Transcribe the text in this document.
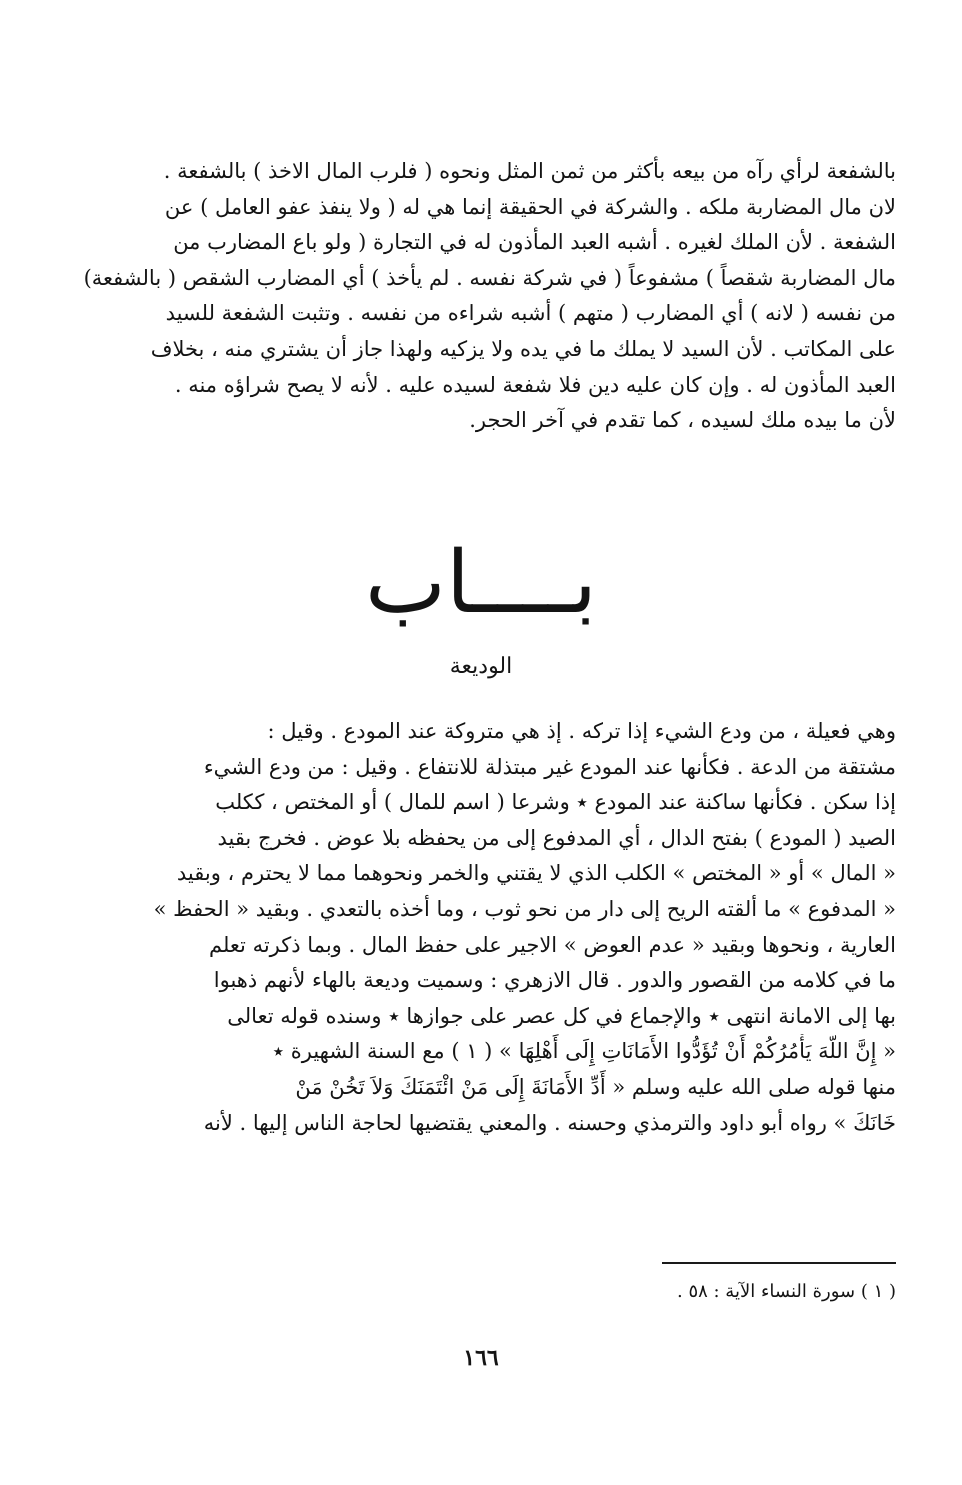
بالشفعة لرأي رآه من بيعه بأكثر من ثمن المثل ونحوه ( فلرب المال الاخذ ) بالشفعة .
لان مال المضاربة ملكه . والشركة في الحقيقة إنما هي له ( ولا ينفذ عفو العامل ) عن
الشفعة . لأن الملك لغيره . أشبه العبد المأذون له في التجارة ( ولو باع المضارب من
مال المضاربة شقصاً ) مشفوعاً ( في شركة نفسه . لم يأخذ ) أي المضارب الشقص ( بالشفعة)
من نفسه ( لانه ) أي المضارب ( متهم ) أشبه شراءه من نفسه . وتثبت الشفعة للسيد
على المكاتب . لأن السيد لا يملك ما في يده ولا يزكيه ولهذا جاز أن يشتري منه ، بخلاف
العبد المأذون له . وإن كان عليه دين فلا شفعة لسيده عليه . لأنه لا يصح شراؤه منه .
لأن ما بيده ملك لسيده ، كما تقدم في آخر الحجر.
بــــاب
الوديعة
وهي فعيلة ، من ودع الشيء إذا تركه . إذ هي متروكة عند المودع . وقيل :
مشتقة من الدعة . فكأنها عند المودع غير مبتذلة للانتفاع . وقيل : من ودع الشيء
إذا سكن . فكأنها ساكنة عند المودع ٭ وشرعا ( اسم للمال ) أو المختص ، ككلب
الصيد ( المودع ) بفتح الدال ، أي المدفوع إلى من يحفظه بلا عوض . فخرج بقيد
« المال » أو « المختص » الكلب الذي لا يقتني والخمر ونحوهما مما لا يحترم ، وبقيد
« المدفوع » ما ألقته الريح إلى دار من نحو ثوب ، وما أخذه بالتعدي . وبقيد « الحفظ »
العارية ، ونحوها وبقيد « عدم العوض » الاجير على حفظ المال . وبما ذكرته تعلم
ما في كلامه من القصور والدور . قال الازهري : وسميت وديعة بالهاء لأنهم ذهبوا
بها إلى الامانة انتهى ٭ والإجماع في كل عصر على جوازها ٭ وسنده قوله تعالى
« إِنَّ اللّهَ يَأْمُرُكُمْ أَنْ تُؤَدُّوا الأَمَانَاتِ إِلَى أَهْلِهَا » ( ١ ) مع السنة الشهيرة ٭
منها قوله صلى الله عليه وسلم « أَدِّ الأَمَانَةَ إِلَى مَنْ ائْتَمَنَكَ وَلاَ تَخُنْ مَنْ
خَانَكَ » رواه أبو داود والترمذي وحسنه . والمعني يقتضيها لحاجة الناس إليها . لأنه
( ١ ) سورة النساء الآية : ٥٨ .
١٦٦
